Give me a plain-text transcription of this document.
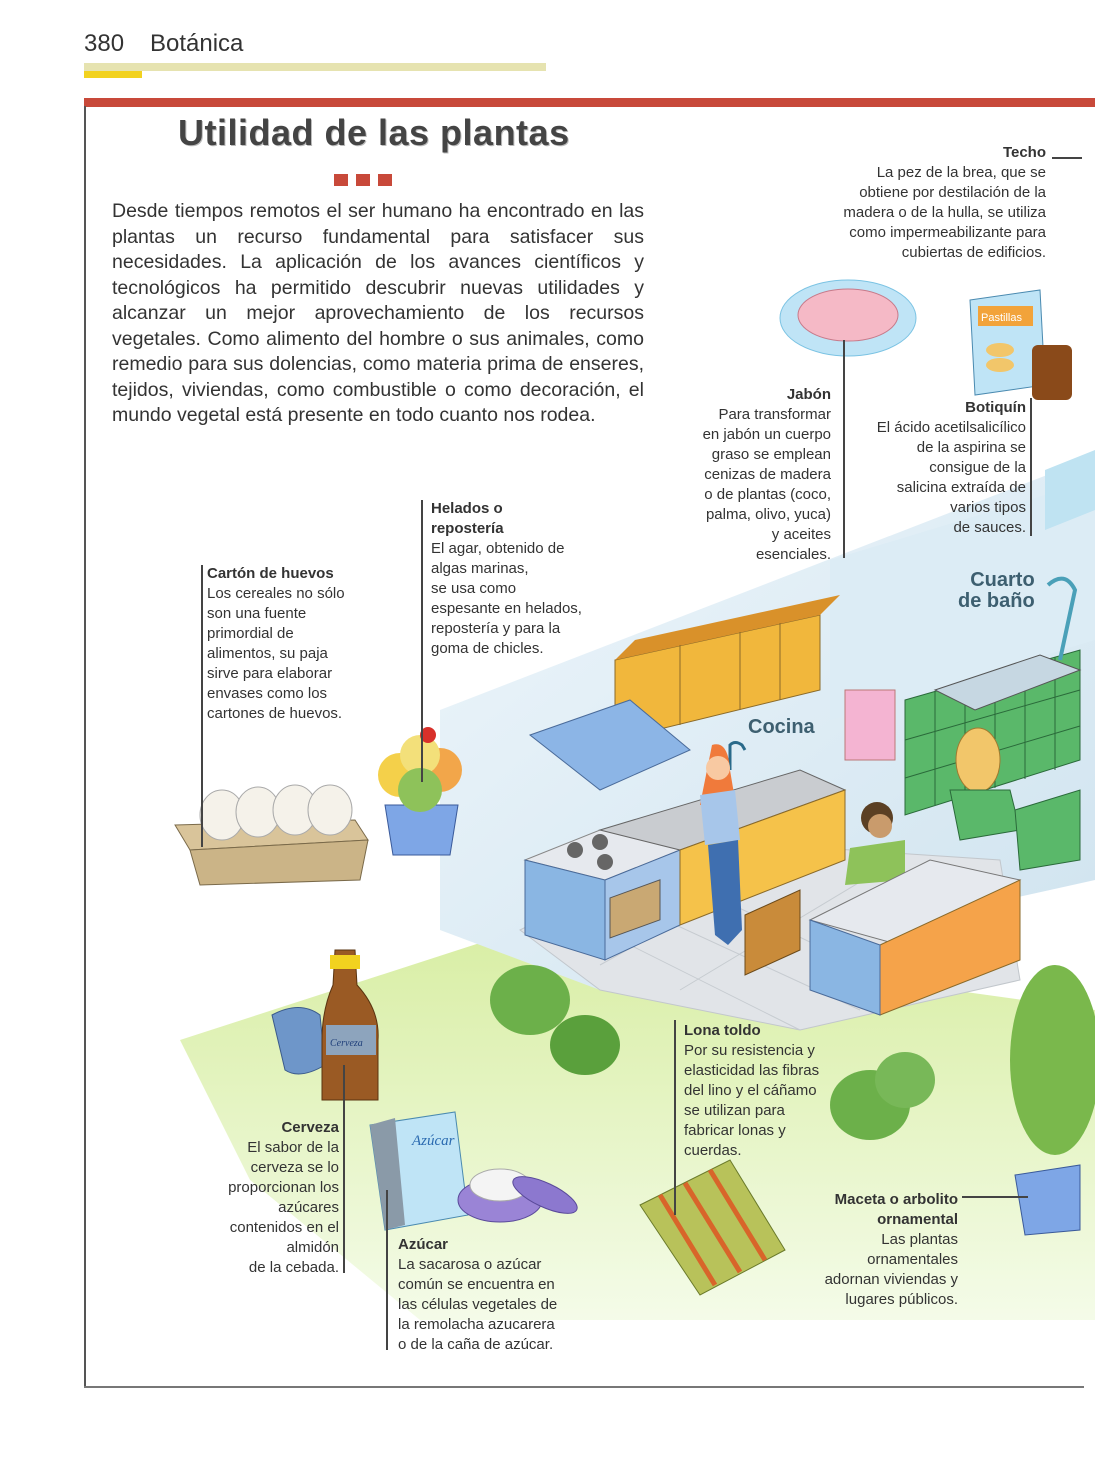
380 Botánica
Utilidad de las plantas
Desde tiempos remotos el ser humano ha encontrado en las plantas un recurso fundamental para satisfacer sus necesidades. La aplicación de los avances científicos y tecnológicos ha permitido descubrir nuevas utilidades y alcanzar un mejor aprovechamiento de los recursos vegetales. Como alimento del hombre o sus animales, como remedio para sus dolencias, como materia prima de enseres, tejidos, viviendas, como combustible o como decoración, el mundo vegetal está presente en todo cuanto nos rodea.
Pastillas
Cerveza
Azúcar
Cocina
Cuarto
de baño
Techo
La pez de la brea, que se
obtiene por destilación de la
madera o de la hulla, se utiliza
como impermeabilizante para
cubiertas de edificios.
Jabón
Para transformar
en jabón un cuerpo
graso se emplean
cenizas de madera
o de plantas (coco,
palma, olivo, yuca)
y aceites
esenciales.
Botiquín
El ácido acetilsalicílico
de la aspirina se
consigue de la
salicina extraída de
varios tipos
de sauces.
Helados o
repostería
El agar, obtenido de
algas marinas,
se usa como
espesante en helados,
repostería y para la
goma de chicles.
Cartón de huevos
Los cereales no sólo
son una fuente
primordial de
alimentos, su paja
sirve para elaborar
envases como los
cartones de huevos.
Lona toldo
Por su resistencia y
elasticidad las fibras
del lino y el cáñamo
se utilizan para
fabricar lonas y
cuerdas.
Cerveza
El sabor de la
cerveza se lo
proporcionan los
azúcares
contenidos en el
almidón
de la cebada.
Azúcar
La sacarosa o azúcar
común se encuentra en
las células vegetales de
la remolacha azucarera
o de la caña de azúcar.
Maceta o arbolito
ornamental
Las plantas
ornamentales
adornan viviendas y
lugares públicos.
